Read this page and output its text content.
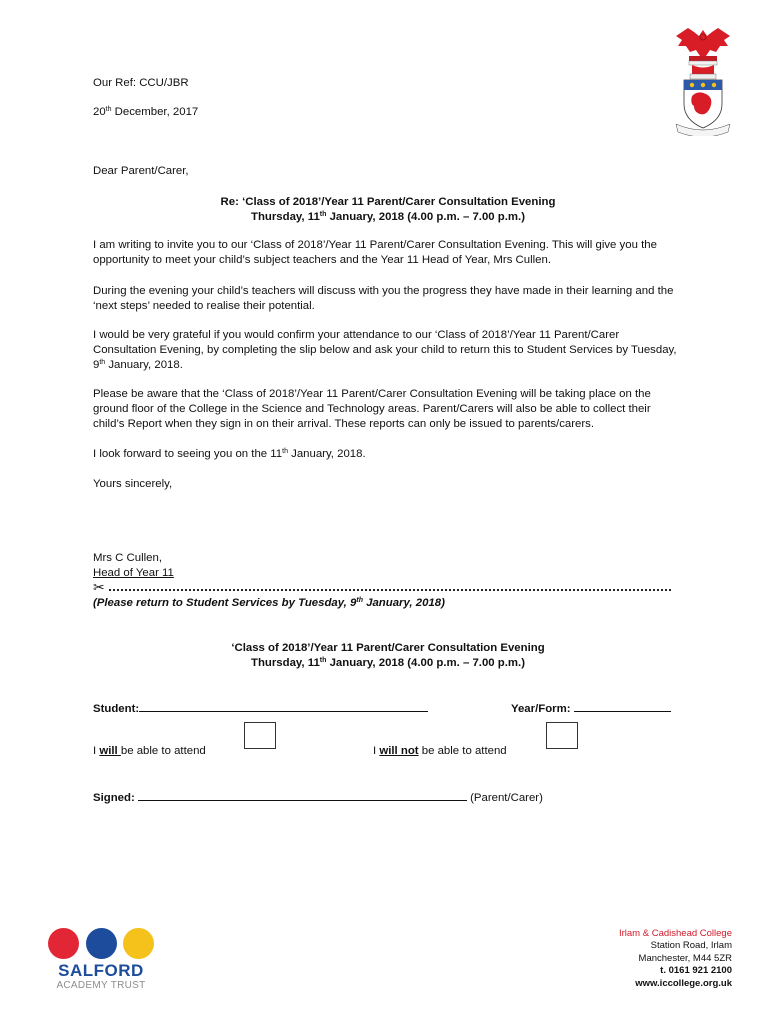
Our Ref: CCU/JBR
20th December, 2017
Dear Parent/Carer,
Re: ‘Class of 2018’/Year 11 Parent/Carer Consultation Evening
Thursday, 11th January, 2018 (4.00 p.m. – 7.00 p.m.)
I am writing to invite you to our ‘Class of 2018’/Year 11 Parent/Carer Consultation Evening. This will give you the opportunity to meet your child’s subject teachers and the Year 11 Head of Year, Mrs Cullen.
During the evening your child’s teachers will discuss with you the progress they have made in their learning and the ‘next steps’ needed to realise their potential.
I would be very grateful if you would confirm your attendance to our ‘Class of 2018’/Year 11 Parent/Carer Consultation Evening, by completing the slip below and ask your child to return this to Student Services by Tuesday, 9th January, 2018.
Please be aware that the ‘Class of 2018’/Year 11 Parent/Carer Consultation Evening will be taking place on the ground floor of the College in the Science and Technology areas. Parent/Carers will also be able to collect their child’s Report when they sign in on their arrival. These reports can only be issued to parents/carers.
I look forward to seeing you on the 11th January, 2018.
Yours sincerely,
Mrs C Cullen,
Head of Year 11
✂
(Please return to Student Services by Tuesday, 9th January, 2018)
‘Class of 2018’/Year 11 Parent/Carer Consultation Evening
Thursday, 11th January, 2018 (4.00 p.m. – 7.00 p.m.)
Student:	Year/Form:
I will be able to attend	I will not be able to attend
Signed:	(Parent/Carer)
SALFORD
ACADEMY TRUST
Irlam & Cadishead College
Station Road, Irlam
Manchester, M44 5ZR
t. 0161 921 2100
www.iccollege.org.uk
